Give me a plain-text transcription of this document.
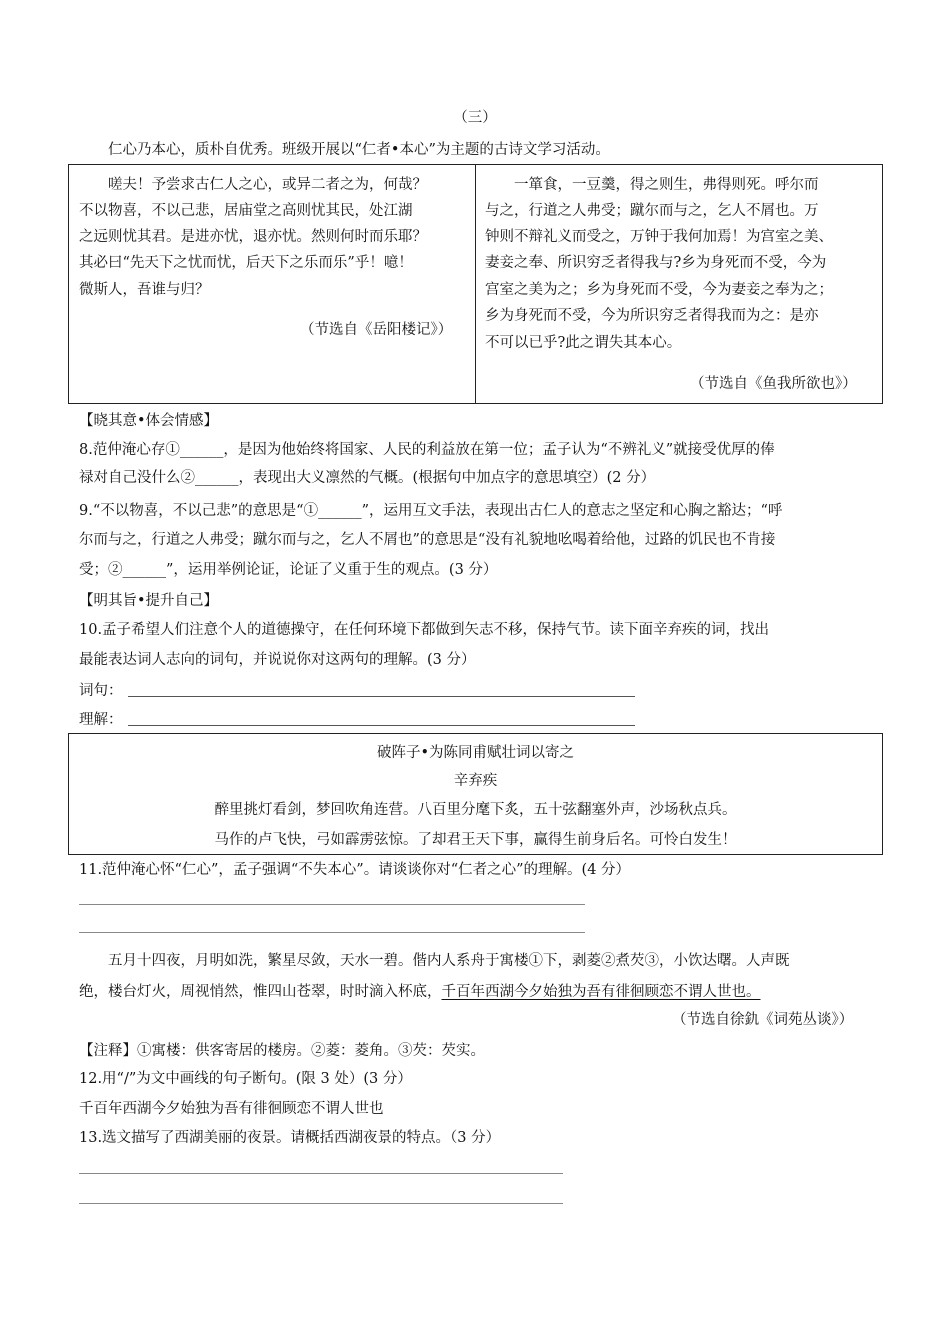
（三）
仁心乃本心，质朴自优秀。班级开展以“仁者•本心”为主题的古诗文学习活动。
嗟夫！予尝求古仁人之心，或异二者之为，何哉？
不以物喜，不以己悲，居庙堂之高则忧其民，处江湖
之远则忧其君。是进亦忧，退亦忧。然则何时而乐耶？
其必曰“先天下之忧而忧，后天下之乐而乐”乎！噫！
微斯人，吾谁与归？
（节选自《岳阳楼记》）
一箪食，一豆羹，得之则生，弗得则死。呼尔而
与之，行道之人弗受；蹴尔而与之，乞人不屑也。万
钟则不辩礼义而受之，万钟于我何加焉！为宫室之美、
妻妾之奉、所识穷乏者得我与?乡为身死而不受，今为
宫室之美为之；乡为身死而不受，今为妻妾之奉为之；
乡为身死而不受，今为所识穷乏者得我而为之：是亦
不可以已乎?此之谓失其本心。
（节选自《鱼我所欲也》）
【晓其意•体会情感】
8.范仲淹心存①______，是因为他始终将国家、人民的利益放在第一位；孟子认为“不辨礼义”就接受优厚的俸
禄对自己没什么②______，表现出大义凛然的气概。(根据句中加点字的意思填空）(2 分）
9.“不以物喜，不以己悲”的意思是“①______”，运用互文手法，表现出古仁人的意志之坚定和心胸之豁达；“呼
尔而与之，行道之人弗受；蹴尔而与之，乞人不屑也”的意思是“没有礼貌地吆喝着给他，过路的饥民也不肯接
受；②______”，运用举例论证，论证了义重于生的观点。(3 分）
【明其旨•提升自己】
10.孟子希望人们注意个人的道德操守，在任何环境下都做到矢志不移，保持气节。读下面辛弃疾的词，找出
最能表达词人志向的词句，并说说你对这两句的理解。(3 分）
词句：
理解：
破阵子•为陈同甫赋壮词以寄之
辛弃疾
醉里挑灯看剑，梦回吹角连营。八百里分麾下炙，五十弦翻塞外声，沙场秋点兵。
马作的卢飞快，弓如霹雳弦惊。了却君王天下事，赢得生前身后名。可怜白发生！
11.范仲淹心怀“仁心”，孟子强调“不失本心”。请谈谈你对“仁者之心”的理解。(4 分）
五月十四夜，月明如洗，繁星尽敛，天水一碧。偕内人系舟于寓楼①下，剥菱②煮芡③，小饮达曙。人声既
绝，楼台灯火，周视悄然，惟四山苍翠，时时滴入杯底，千百年西湖今夕始独为吾有徘徊顾恋不谓人世也。
（节选自徐釚《词苑丛谈》）
【注释】①寓楼：供客寄居的楼房。②菱：菱角。③芡：芡实。
12.用“/”为文中画线的句子断句。(限 3 处）(3 分）
千百年西湖今夕始独为吾有徘徊顾恋不谓人世也
13.选文描写了西湖美丽的夜景。请概括西湖夜景的特点。（3 分）
